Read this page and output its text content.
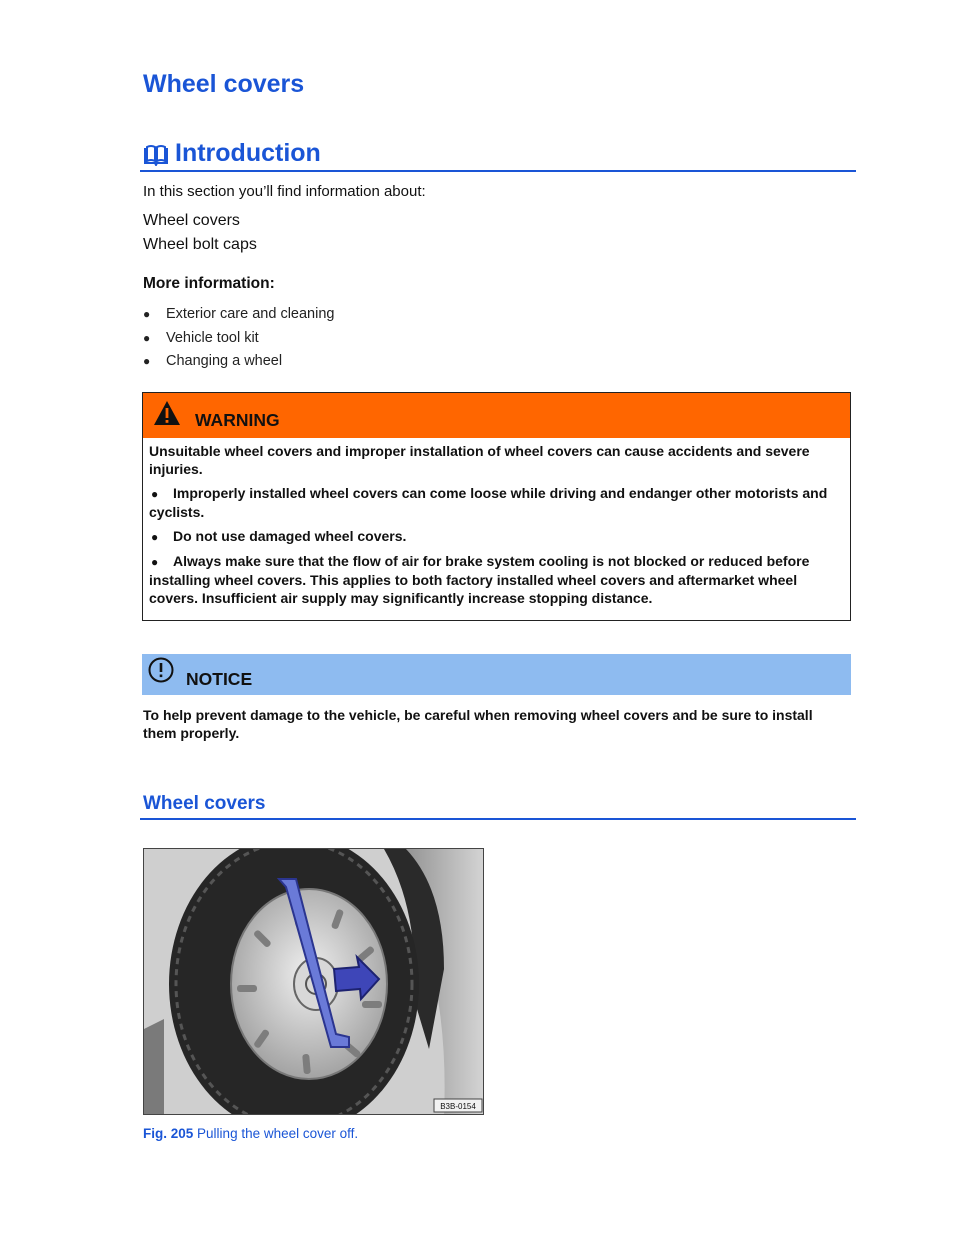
Wheel covers
Introduction

In this section you’ll find information about:

Wheel covers
Wheel bolt caps

More information:

●	Exterior care and cleaning
●	Vehicle tool kit
●	Changing a wheel
WARNING

Unsuitable wheel covers and improper installation of wheel covers can cause accidents and severe injuries.

● Improperly installed wheel covers can come loose while driving and endanger other motorists and cyclists.

● Do not use damaged wheel covers.

● Always make sure that the flow of air for brake system cooling is not blocked or reduced before installing wheel covers. This applies to both factory installed wheel covers and aftermarket wheel covers. Insufficient air supply may significantly increase stopping distance.

NOTICE

To help prevent damage to the vehicle, be careful when removing wheel covers and be sure to install them properly.

Wheel covers
B3B-0154

Fig. 205 Pulling the wheel cover off.
